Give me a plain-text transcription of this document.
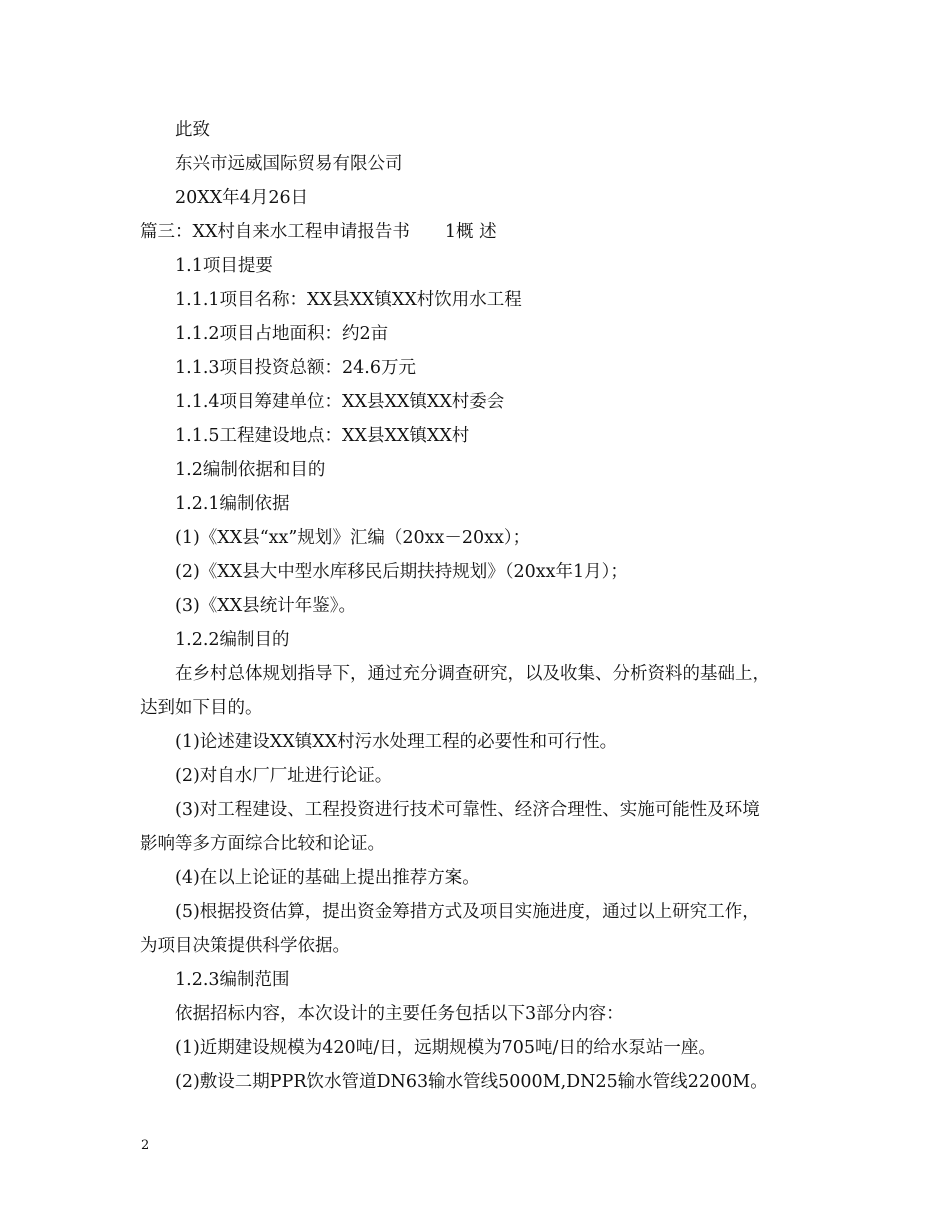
此致
东兴市远威国际贸易有限公司
20XX年4月26日
篇三：XX村自来水工程申请报告书　　1概 述
1.1项目提要
1.1.1项目名称：XX县XX镇XX村饮用水工程
1.1.2项目占地面积：约2亩
1.1.3项目投资总额：24.6万元
1.1.4项目筹建单位：XX县XX镇XX村委会
1.1.5工程建设地点：XX县XX镇XX村
1.2编制依据和目的
1.2.1编制依据
(1)《XX县“xx”规划》汇编（20xx－20xx）；
(2)《XX县大中型水库移民后期扶持规划》（20xx年1月）；
(3)《XX县统计年鉴》。
1.2.2编制目的
在乡村总体规划指导下，通过充分调查研究，以及收集、分析资料的基础上，
达到如下目的。
(1)论述建设XX镇XX村污水处理工程的必要性和可行性。
(2)对自水厂厂址进行论证。
(3)对工程建设、工程投资进行技术可靠性、经济合理性、实施可能性及环境
影响等多方面综合比较和论证。
(4)在以上论证的基础上提出推荐方案。
(5)根据投资估算，提出资金筹措方式及项目实施进度，通过以上研究工作，
为项目决策提供科学依据。
1.2.3编制范围
依据招标内容，本次设计的主要任务包括以下3部分内容：
(1)近期建设规模为420吨/日，远期规模为705吨/日的给水泵站一座。
(2)敷设二期PPR饮水管道DN63输水管线5000M,DN25输水管线2200M。
2
